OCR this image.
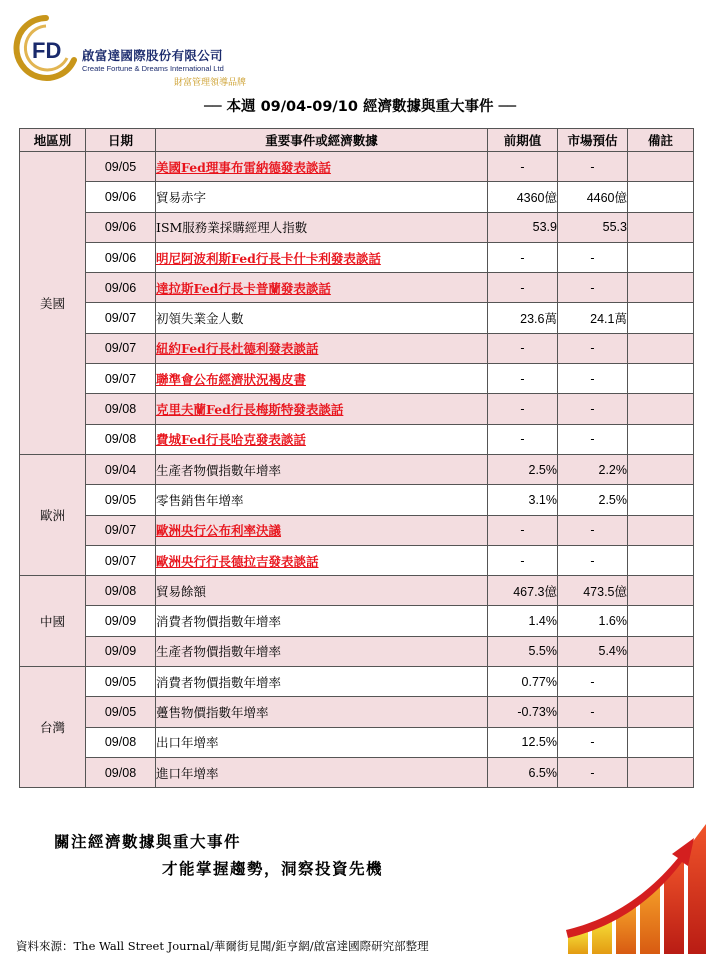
FD 啟富達國際股份有限公司
Create Fortune & Dreams International Ltd
財富管理領導品牌
── 本週 09/04-09/10 經濟數據與重大事件 ──
地區別	日期	重要事件或經濟數據	前期值	市場預估	備註
美國	09/05	美國Fed理事布雷納德發表談話	-	-	
	09/06	貿易赤字	4360億	4460億	
	09/06	ISM服務業採購經理人指數	53.9	55.3	
	09/06	明尼阿波利斯Fed行長卡什卡利發表談話	-	-	
	09/06	達拉斯Fed行長卡普蘭發表談話	-	-	
	09/07	初領失業金人數	23.6萬	24.1萬	
	09/07	紐約Fed行長杜德利發表談話	-	-	
	09/07	聯準會公布經濟狀況褐皮書	-	-	
	09/08	克里夫蘭Fed行長梅斯特發表談話	-	-	
	09/08	費城Fed行長哈克發表談話	-	-	
歐洲	09/04	生產者物價指數年增率	2.5%	2.2%	
	09/05	零售銷售年增率	3.1%	2.5%	
	09/07	歐洲央行公布利率決議	-	-	
	09/07	歐洲央行行長德拉吉發表談話	-	-	
中國	09/08	貿易餘額	467.3億	473.5億	
	09/09	消費者物價指數年增率	1.4%	1.6%	
	09/09	生產者物價指數年增率	5.5%	5.4%	
台灣	09/05	消費者物價指數年增率	0.77%	-	
	09/05	躉售物價指數年增率	-0.73%	-	
	09/08	出口年增率	12.5%	-	
	09/08	進口年增率	6.5%	-	
關注經濟數據與重大事件
才能掌握趨勢，洞察投資先機
資料來源：The Wall Street Journal/華爾街見聞/鉅亨網/啟富達國際研究部整理
